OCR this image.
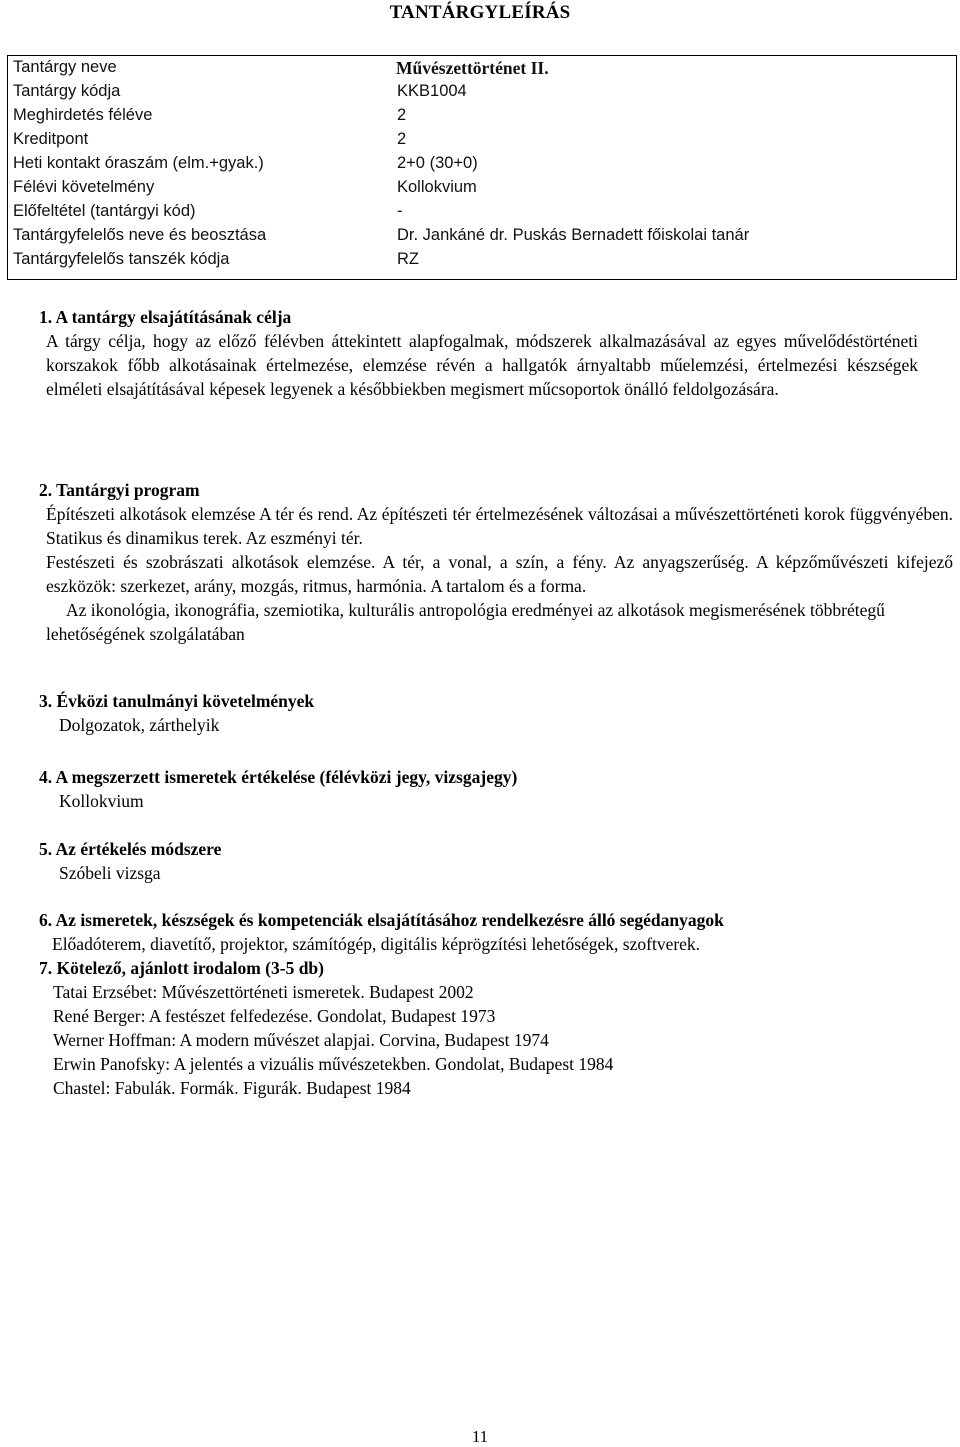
TANTÁRGYLEÍRÁS
Tantárgy neve	Művészettörténet II.
Tantárgy kódja	KKB1004
Meghirdetés féléve	2
Kreditpont	2
Heti kontakt óraszám (elm.+gyak.)	2+0 (30+0)
Félévi követelmény	Kollokvium
Előfeltétel (tantárgyi kód)	-
Tantárgyfelelős neve és beosztása	Dr. Jankáné dr. Puskás Bernadett főiskolai tanár
Tantárgyfelelős tanszék kódja	RZ
1. A tantárgy elsajátításának célja
A tárgy célja, hogy az előző félévben áttekintett alapfogalmak, módszerek alkalmazásával az egyes művelődéstörténeti korszakok főbb alkotásainak értelmezése, elemzése révén a hallgatók árnyaltabb műelemzési, értelmezési készségek elméleti elsajátításával képesek legyenek a későbbiekben megismert műcsoportok önálló feldolgozására.
2. Tantárgyi program
Építészeti alkotások elemzése A tér és rend. Az építészeti tér értelmezésének változásai a művészettörténeti korok függvényében. Statikus és dinamikus terek. Az eszményi tér.
Festészeti és szobrászati alkotások elemzése. A tér, a vonal, a szín, a fény. Az anyagszerűség. A képzőművészeti kifejező eszközök: szerkezet, arány, mozgás, ritmus, harmónia. A tartalom és a forma.
Az ikonológia, ikonográfia, szemiotika, kulturális antropológia eredményei az alkotások megismerésének többrétegű lehetőségének szolgálatában
3. Évközi tanulmányi követelmények
Dolgozatok, zárthelyik
4. A megszerzett ismeretek értékelése (félévközi jegy, vizsgajegy)
Kollokvium
5. Az értékelés módszere
Szóbeli vizsga
6. Az ismeretek, készségek és kompetenciák elsajátításához rendelkezésre álló segédanyagok
Előadóterem, diavetítő, projektor, számítógép, digitális képrögzítési lehetőségek, szoftverek.
7. Kötelező, ajánlott irodalom (3-5 db)
Tatai Erzsébet: Művészettörténeti ismeretek. Budapest 2002
René Berger: A festészet felfedezése. Gondolat, Budapest 1973
Werner Hoffman: A modern művészet alapjai. Corvina, Budapest 1974
Erwin Panofsky: A jelentés a vizuális művészetekben. Gondolat, Budapest 1984
Chastel: Fabulák. Formák. Figurák. Budapest 1984
11
